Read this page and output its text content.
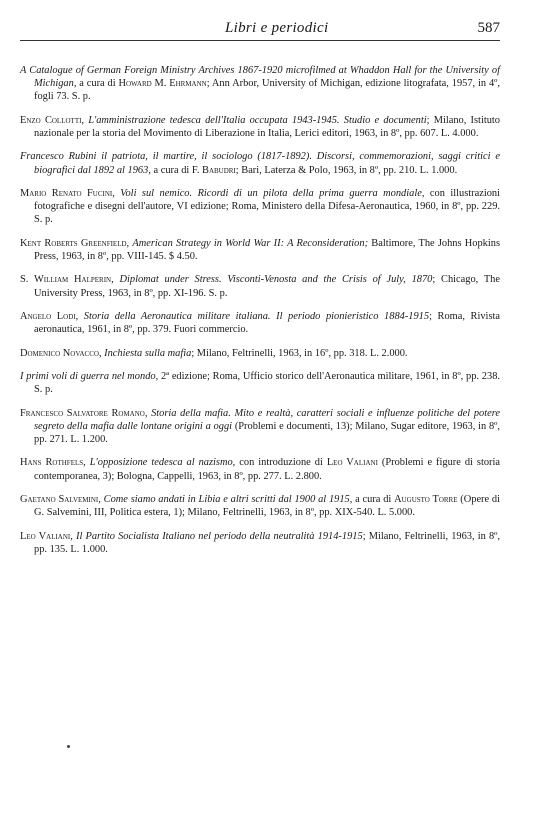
Libri e periodici	587

A Catalogue of German Foreign Ministry Archives 1867-1920 microfilmed at Whaddon Hall for the University of Michigan, a cura di Howard M. Ehrmann; Ann Arbor, University of Michigan, edizione litografata, 1957, in 4º, fogli 73. S. p.

Enzo Collotti, L'amministrazione tedesca dell'Italia occupata 1943-1945. Studio e documenti; Milano, Istituto nazionale per la storia del Movimento di Liberazione in Italia, Lerici editori, 1963, in 8º, pp. 607. L. 4.000.

Francesco Rubini il patriota, il martire, il sociologo (1817-1892). Discorsi, commemorazioni, saggi critici e biografici dal 1892 al 1963, a cura di F. Babudri; Bari, Laterza & Polo, 1963, in 8º, pp. 210. L. 1.000.

Mario Renato Fucini, Voli sul nemico. Ricordi di un pilota della prima guerra mondiale, con illustrazioni fotografiche e disegni dell'autore, VI edizione; Roma, Ministero della Difesa-Aeronautica, 1960, in 8º, pp. 229. S. p.

Kent Roberts Greenfield, American Strategy in World War II: A Reconsideration; Baltimore, The Johns Hopkins Press, 1963, in 8º, pp. VIII-145. $ 4.50.

S. William Halperin, Diplomat under Stress. Visconti-Venosta and the Crisis of July, 1870; Chicago, The University Press, 1963, in 8º, pp. XI-196. S. p.

Angelo Lodi, Storia della Aeronautica militare italiana. Il periodo pionieristico 1884-1915; Roma, Rivista aeronautica, 1961, in 8º, pp. 379. Fuori commercio.

Domenico Novacco, Inchiesta sulla mafia; Milano, Feltrinelli, 1963, in 16º, pp. 318. L. 2.000.

I primi voli di guerra nel mondo, 2ª edizione; Roma, Ufficio storico dell'Aeronautica militare, 1961, in 8º, pp. 238. S. p.

Francesco Salvatore Romano, Storia della mafia. Mito e realtà, caratteri sociali e influenze politiche del potere segreto della mafia dalle lontane origini a oggi (Problemi e documenti, 13); Milano, Sugar editore, 1963, in 8º, pp. 271. L. 1.200.

Hans Rothfels, L'opposizione tedesca al nazismo, con introduzione di Leo Valiani (Problemi e figure di storia contemporanea, 3); Bologna, Cappelli, 1963, in 8º, pp. 277. L. 2.800.

Gaetano Salvemini, Come siamo andati in Libia e altri scritti dal 1900 al 1915, a cura di Augusto Torre (Opere di G. Salvemini, III, Politica estera, 1); Milano, Feltrinelli, 1963, in 8º, pp. XIX-540. L. 5.000.

Leo Valiani, Il Partito Socialista Italiano nel periodo della neutralità 1914-1915; Milano, Feltrinelli, 1963, in 8º, pp. 135. L. 1.000.
